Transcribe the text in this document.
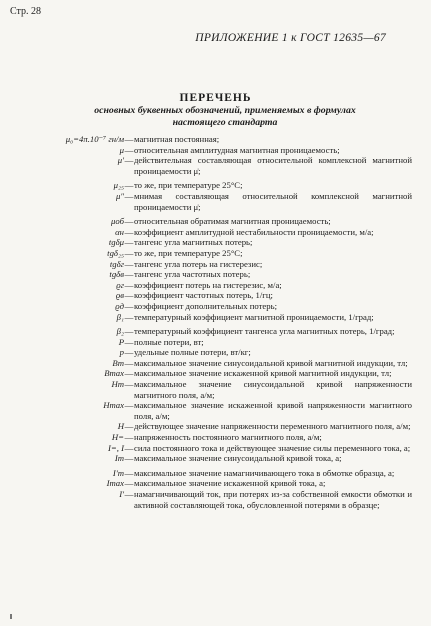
Стр. 28
ПРИЛОЖЕНИЕ 1 к ГОСТ 12635—67
ПЕРЕЧЕНЬ
основных буквенных обозначений, применяемых в формулах настоящего стандарта
μ₀=4π.10⁻⁷ гн/м — магнитная постоянная;
μ — относительная амплитудная магнитная проницаемость;
μ′ — действительная составляющая относительной комплексной магнитной проницаемости μ̇;
μ₂₅ — то же, при температуре 25°С;
μ″ — мнимая составляющая относительной комплексной магнитной проницаемости μ̇;
μоб — относительная обратимая магнитная проницаемость;
αн — коэффициент амплитудной нестабильности проницаемости, м/а;
tgδμ — тангенс угла магнитных потерь;
tgδ₂₅ — то же, при температуре 25°С;
tgδг — тангенс угла потерь на гистерезис;
tgδв — тангенс угла частотных потерь;
ϱг — коэффициент потерь на гистерезис, м/а;
ϱв — коэффициент частотных потерь, 1/гц;
ϱд — коэффициент дополнительных потерь;
β₁ — температурный коэффициент магнитной проницаемости, 1/град;
β₂ — температурный коэффициент тангенса угла магнитных потерь, 1/град;
P — полные потери, вт;
p — удельные полные потери, вт/кг;
Bm — максимальное значение синусоидальной кривой магнитной индукции, тл;
Bmax — максимальное значение искаженной кривой магнитной индукции, тл;
Hm — максимальное значение синусоидальной кривой напряженности магнитного поля, а/м;
Hmax — максимальное значение искаженной кривой напряженности магнитного поля, а/м;
H — действующее значение напряженности переменного магнитного поля, а/м;
H= — напряженность постоянного магнитного поля, а/м;
I=, I — сила постоянного тока и действующее значение силы переменного тока, а;
Im — максимальное значение синусоидальной кривой тока, а;
I′m — максимальное значение намагничивающего тока в обмотке образца, а;
Imax — максимальное значение искаженной кривой тока, а;
I′ — намагничивающий ток, при потерях из-за собственной емкости обмотки и активной составляющей тока, обусловленной потерями в образце;
